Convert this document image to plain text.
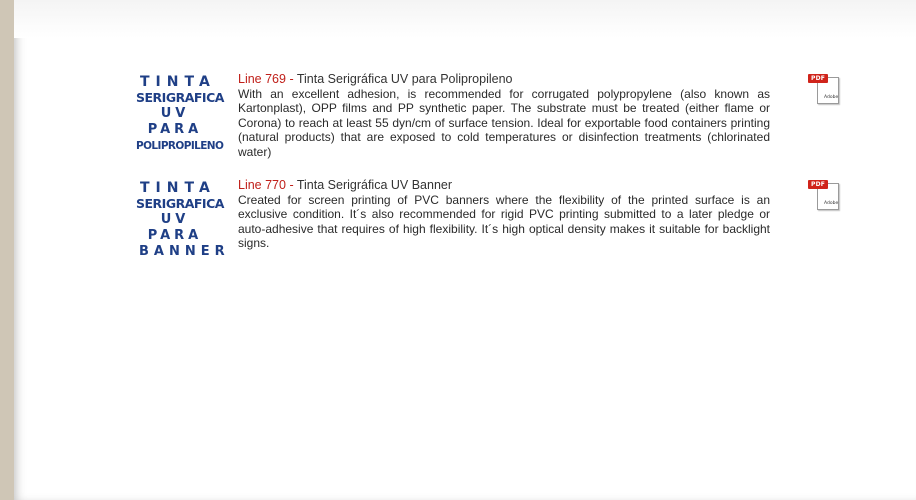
TINTA
SERIGRAFICA
UV PARA
POLIPROPILENO
Line 769 - Tinta Serigráfica UV para Polipropileno

With an excellent adhesion, is recommended for corrugated polypropylene (also known as Kartonplast), OPP films and PP synthetic paper. The substrate must be treated (either flame or Corona) to reach at least 55 dyn/cm of surface tension. Ideal for exportable food containers printing (natural products) that are exposed to cold temperatures or disinfection treatments (chlorinated water)

PDF
Adobe
TINTA
SERIGRAFICA
UV PARA
BANNER
Line 770 - Tinta Serigráfica UV Banner

Created for screen printing of PVC banners where the flexibility of the printed surface is an exclusive condition. It´s also recommended for rigid PVC printing submitted to a later pledge or auto-adhesive that requires of high flexibility. It´s high optical density makes it suitable for backlight signs.

PDF
Adobe
